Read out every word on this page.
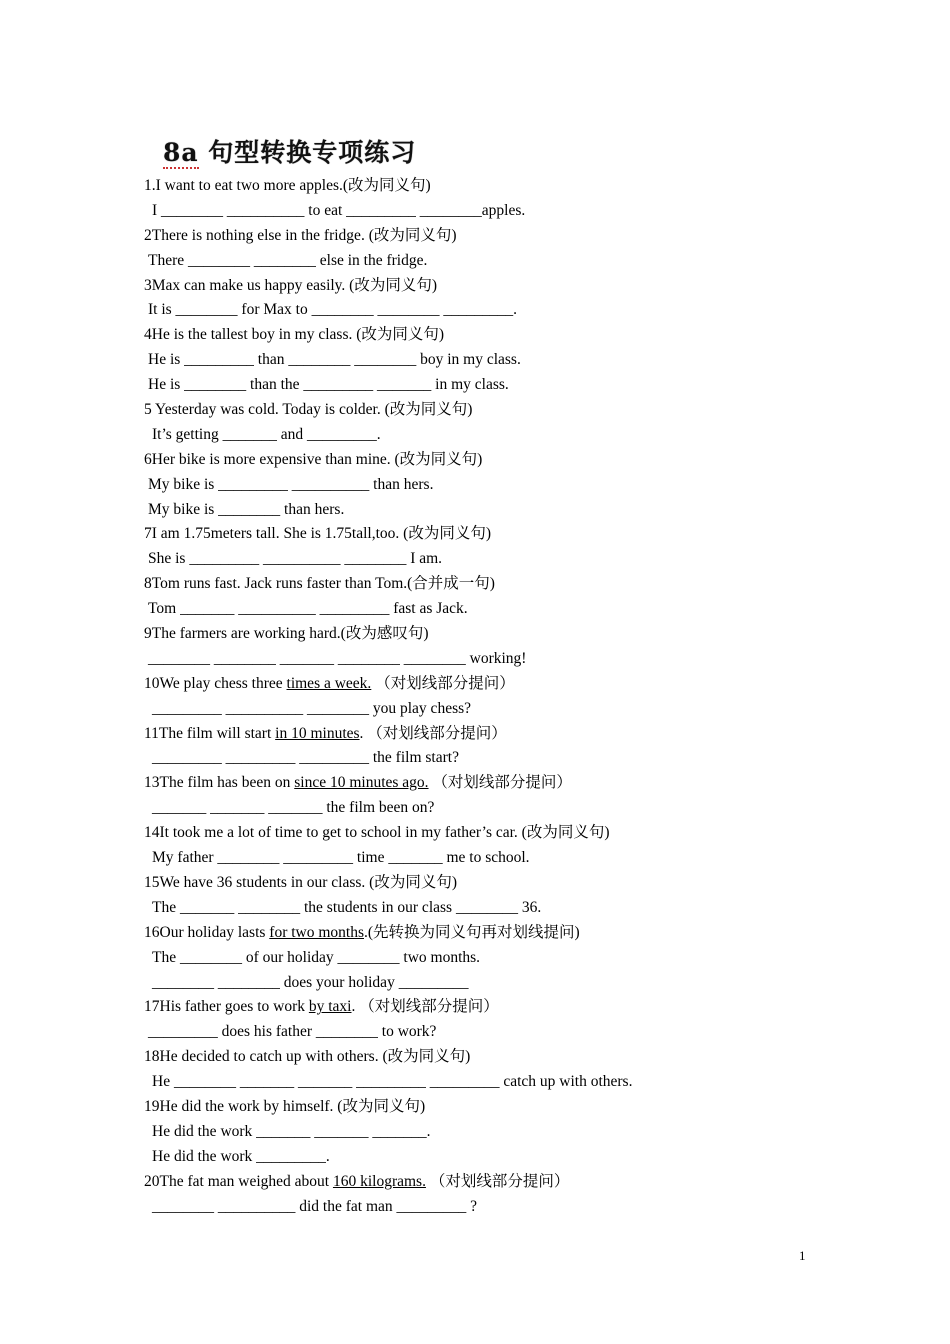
8a 句型转换专项练习
1.I want to eat two more apples.(改为同义句)
I ________ __________ to eat _________ ________apples.
2There is nothing else in the fridge. (改为同义句)
There ________ ________ else in the fridge.
3Max can make us happy easily. (改为同义句)
It is ________ for Max to ________ ________ _________.
4He is the tallest boy in my class. (改为同义句)
He is _________ than ________ ________ boy in my class.
He is ________ than the _________ _______ in my class.
5 Yesterday was cold. Today is colder. (改为同义句)
It’s getting _______ and _________.
6Her bike is more expensive than mine. (改为同义句)
My bike is _________ __________ than hers.
My bike is ________ than hers.
7I am 1.75meters tall. She is 1.75tall,too. (改为同义句)
She is _________ __________ ________ I am.
8Tom runs fast. Jack runs faster than Tom.(合并成一句)
Tom _______ __________ _________ fast as Jack.
9The farmers are working hard.(改为感叹句)
________ ________ _______ ________ ________ working!
10We play chess three times a week. （对划线部分提问）
_________ __________ ________ you play chess?
11The film will start in 10 minutes. （对划线部分提问）
_________ _________ _________ the film start?
13The film has been on since 10 minutes ago. （对划线部分提问）
_______ _______ _______ the film been on?
14It took me a lot of time to get to school in my father’s car. (改为同义句)
My father ________ _________ time _______ me to school.
15We have 36 students in our class. (改为同义句)
The _______ ________ the students in our class ________ 36.
16Our holiday lasts for two months.(先转换为同义句再对划线提问)
The ________ of our holiday ________ two months.
________ ________ does your holiday _________
17His father goes to work by taxi. （对划线部分提问）
_________ does his father ________ to work?
18He decided to catch up with others. (改为同义句)
He ________ _______ _______ _________ _________ catch up with others.
19He did the work by himself. (改为同义句)
He did the work _______ _______ _______.
He did the work _________.
20The fat man weighed about 160 kilograms. （对划线部分提问）
________ __________ did the fat man _________ ?
1
